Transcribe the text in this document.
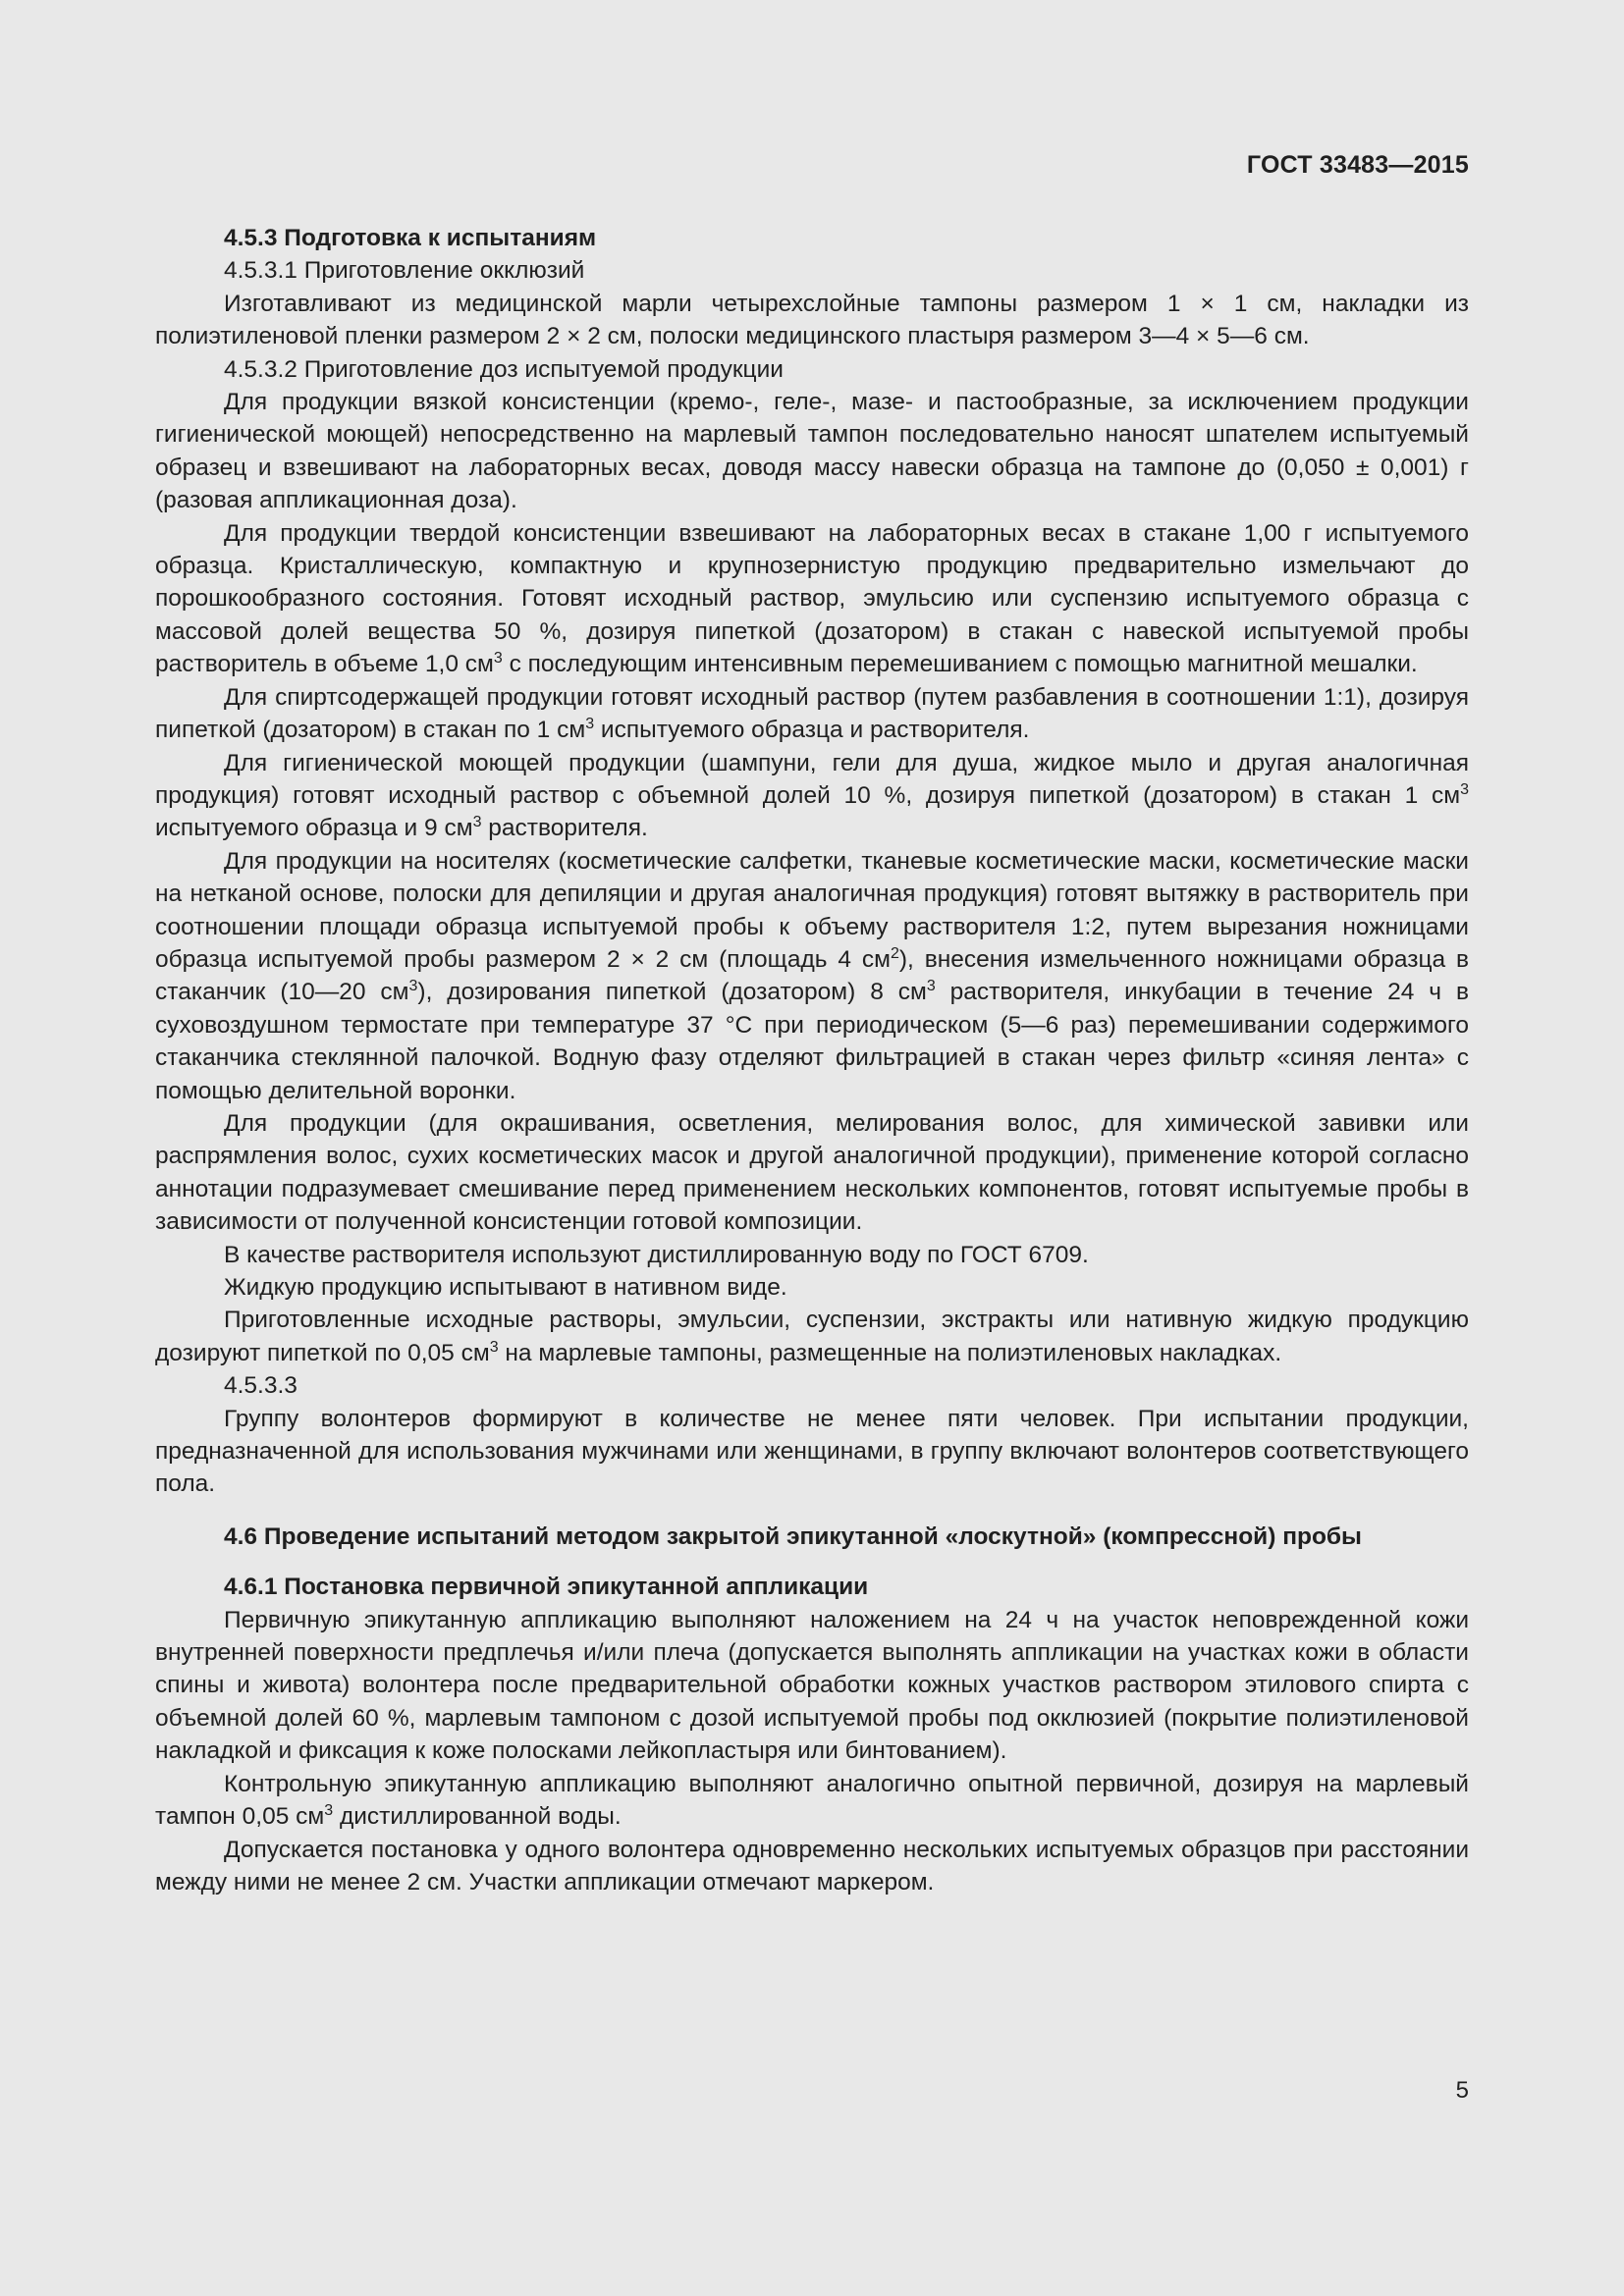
ГОСТ 33483—2015

4.5.3 Подготовка к испытаниям

4.5.3.1 Приготовление окклюзий

Изготавливают из медицинской марли четырехслойные тампоны размером 1 × 1 см, накладки из полиэтиленовой пленки размером 2 × 2 см, полоски медицинского пластыря размером 3—4 × 5—6 см.

4.5.3.2 Приготовление доз испытуемой продукции

Для продукции вязкой консистенции (кремо-, геле-, мазе- и пастообразные, за исключением продукции гигиенической моющей) непосредственно на марлевый тампон последовательно наносят шпателем испытуемый образец и взвешивают на лабораторных весах, доводя массу навески образца на тампоне до (0,050 ± 0,001) г (разовая аппликационная доза).

Для продукции твердой консистенции взвешивают на лабораторных весах в стакане 1,00 г испытуемого образца. Кристаллическую, компактную и крупнозернистую продукцию предварительно измельчают до порошкообразного состояния. Готовят исходный раствор, эмульсию или суспензию испытуемого образца с массовой долей вещества 50 %, дозируя пипеткой (дозатором) в стакан с навеской испытуемой пробы растворитель в объеме 1,0 $см^3$ с последующим интенсивным перемешиванием с помощью магнитной мешалки.

Для спиртсодержащей продукции готовят исходный раствор (путем разбавления в соотношении 1:1), дозируя пипеткой (дозатором) в стакан по 1 $см^3$ испытуемого образца и растворителя.

Для гигиенической моющей продукции (шампуни, гели для душа, жидкое мыло и другая аналогичная продукция) готовят исходный раствор с объемной долей 10 %, дозируя пипеткой (дозатором) в стакан 1 $см^3$ испытуемого образца и 9 $см^3$ растворителя.

Для продукции на носителях (косметические салфетки, тканевые косметические маски, косметические маски на нетканой основе, полоски для депиляции и другая аналогичная продукция) готовят вытяжку в растворитель при соотношении площади образца испытуемой пробы к объему растворителя 1:2, путем вырезания ножницами образца испытуемой пробы размером 2 × 2 см (площадь 4 $см^2$), внесения измельченного ножницами образца в стаканчик (10—20 $см^3$), дозирования пипеткой (дозатором) 8 $см^3$ растворителя, инкубации в течение 24 ч в суховоздушном термостате при температуре 37 °С при периодическом (5—6 раз) перемешивании содержимого стаканчика стеклянной палочкой. Водную фазу отделяют фильтрацией в стакан через фильтр «синяя лента» с помощью делительной воронки.

Для продукции (для окрашивания, осветления, мелирования волос, для химической завивки или распрямления волос, сухих косметических масок и другой аналогичной продукции), применение которой согласно аннотации подразумевает смешивание перед применением нескольких компонентов, готовят испытуемые пробы в зависимости от полученной консистенции готовой композиции.

В качестве растворителя используют дистиллированную воду по ГОСТ 6709.

Жидкую продукцию испытывают в нативном виде.

Приготовленные исходные растворы, эмульсии, суспензии, экстракты или нативную жидкую продукцию дозируют пипеткой по 0,05 $см^3$ на марлевые тампоны, размещенные на полиэтиленовых накладках.

4.5.3.3

Группу волонтеров формируют в количестве не менее пяти человек. При испытании продукции, предназначенной для использования мужчинами или женщинами, в группу включают волонтеров соответствующего пола.

4.6 Проведение испытаний методом закрытой эпикутанной «лоскутной» (компрессной) пробы

4.6.1 Постановка первичной эпикутанной аппликации

Первичную эпикутанную аппликацию выполняют наложением на 24 ч на участок неповрежденной кожи внутренней поверхности предплечья и/или плеча (допускается выполнять аппликации на участках кожи в области спины и живота) волонтера после предварительной обработки кожных участков раствором этилового спирта с объемной долей 60 %, марлевым тампоном с дозой испытуемой пробы под окклюзией (покрытие полиэтиленовой накладкой и фиксация к коже полосками лейкопластыря или бинтованием).

Контрольную эпикутанную аппликацию выполняют аналогично опытной первичной, дозируя на марлевый тампон 0,05 $см^3$ дистиллированной воды.

Допускается постановка у одного волонтера одновременно нескольких испытуемых образцов при расстоянии между ними не менее 2 см. Участки аппликации отмечают маркером.

5
